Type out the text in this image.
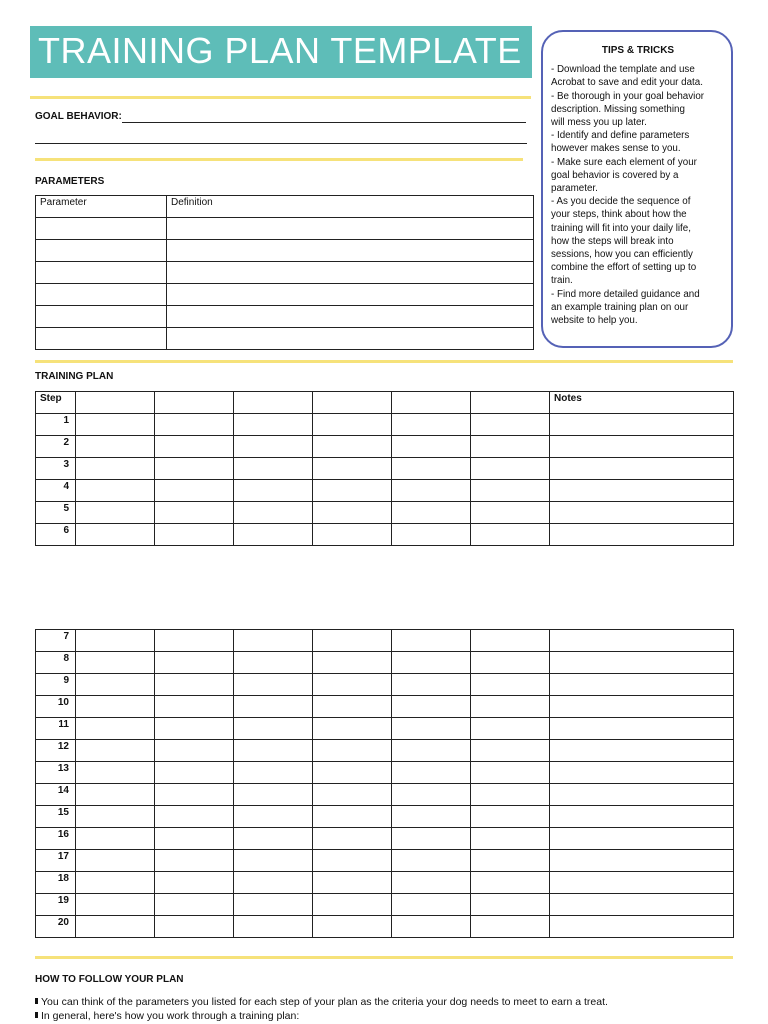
TRAINING PLAN TEMPLATE
GOAL BEHAVIOR:
PARAMETERS
Parameter	Definition

TIPS & TRICKS
- Download the template and use
Acrobat to save and edit your data.
- Be thorough in your goal behavior
description. Missing something
will mess you up later.
- Identify and define parameters
however makes sense to you.
- Make sure each element of your
goal behavior is covered by a
parameter.
- As you decide the sequence of
your steps, think about how the
training will fit into your daily life,
how the steps will break into
sessions, how you can efficiently
combine the effort of setting up to
train.
- Find more detailed guidance and
an example training plan on our
website to help you.
TRAINING PLAN
Step							Notes
1							
2							
3							
4							
5							
6							
7							
8							
9							
10							
11							
12							
13							
14							
15							
16							
17							
18							
19							
20							
HOW TO FOLLOW YOUR PLAN
You can think of the parameters you listed for each step of your plan as the criteria your dog needs to meet to earn a treat.
In general, here's how you work through a training plan:
